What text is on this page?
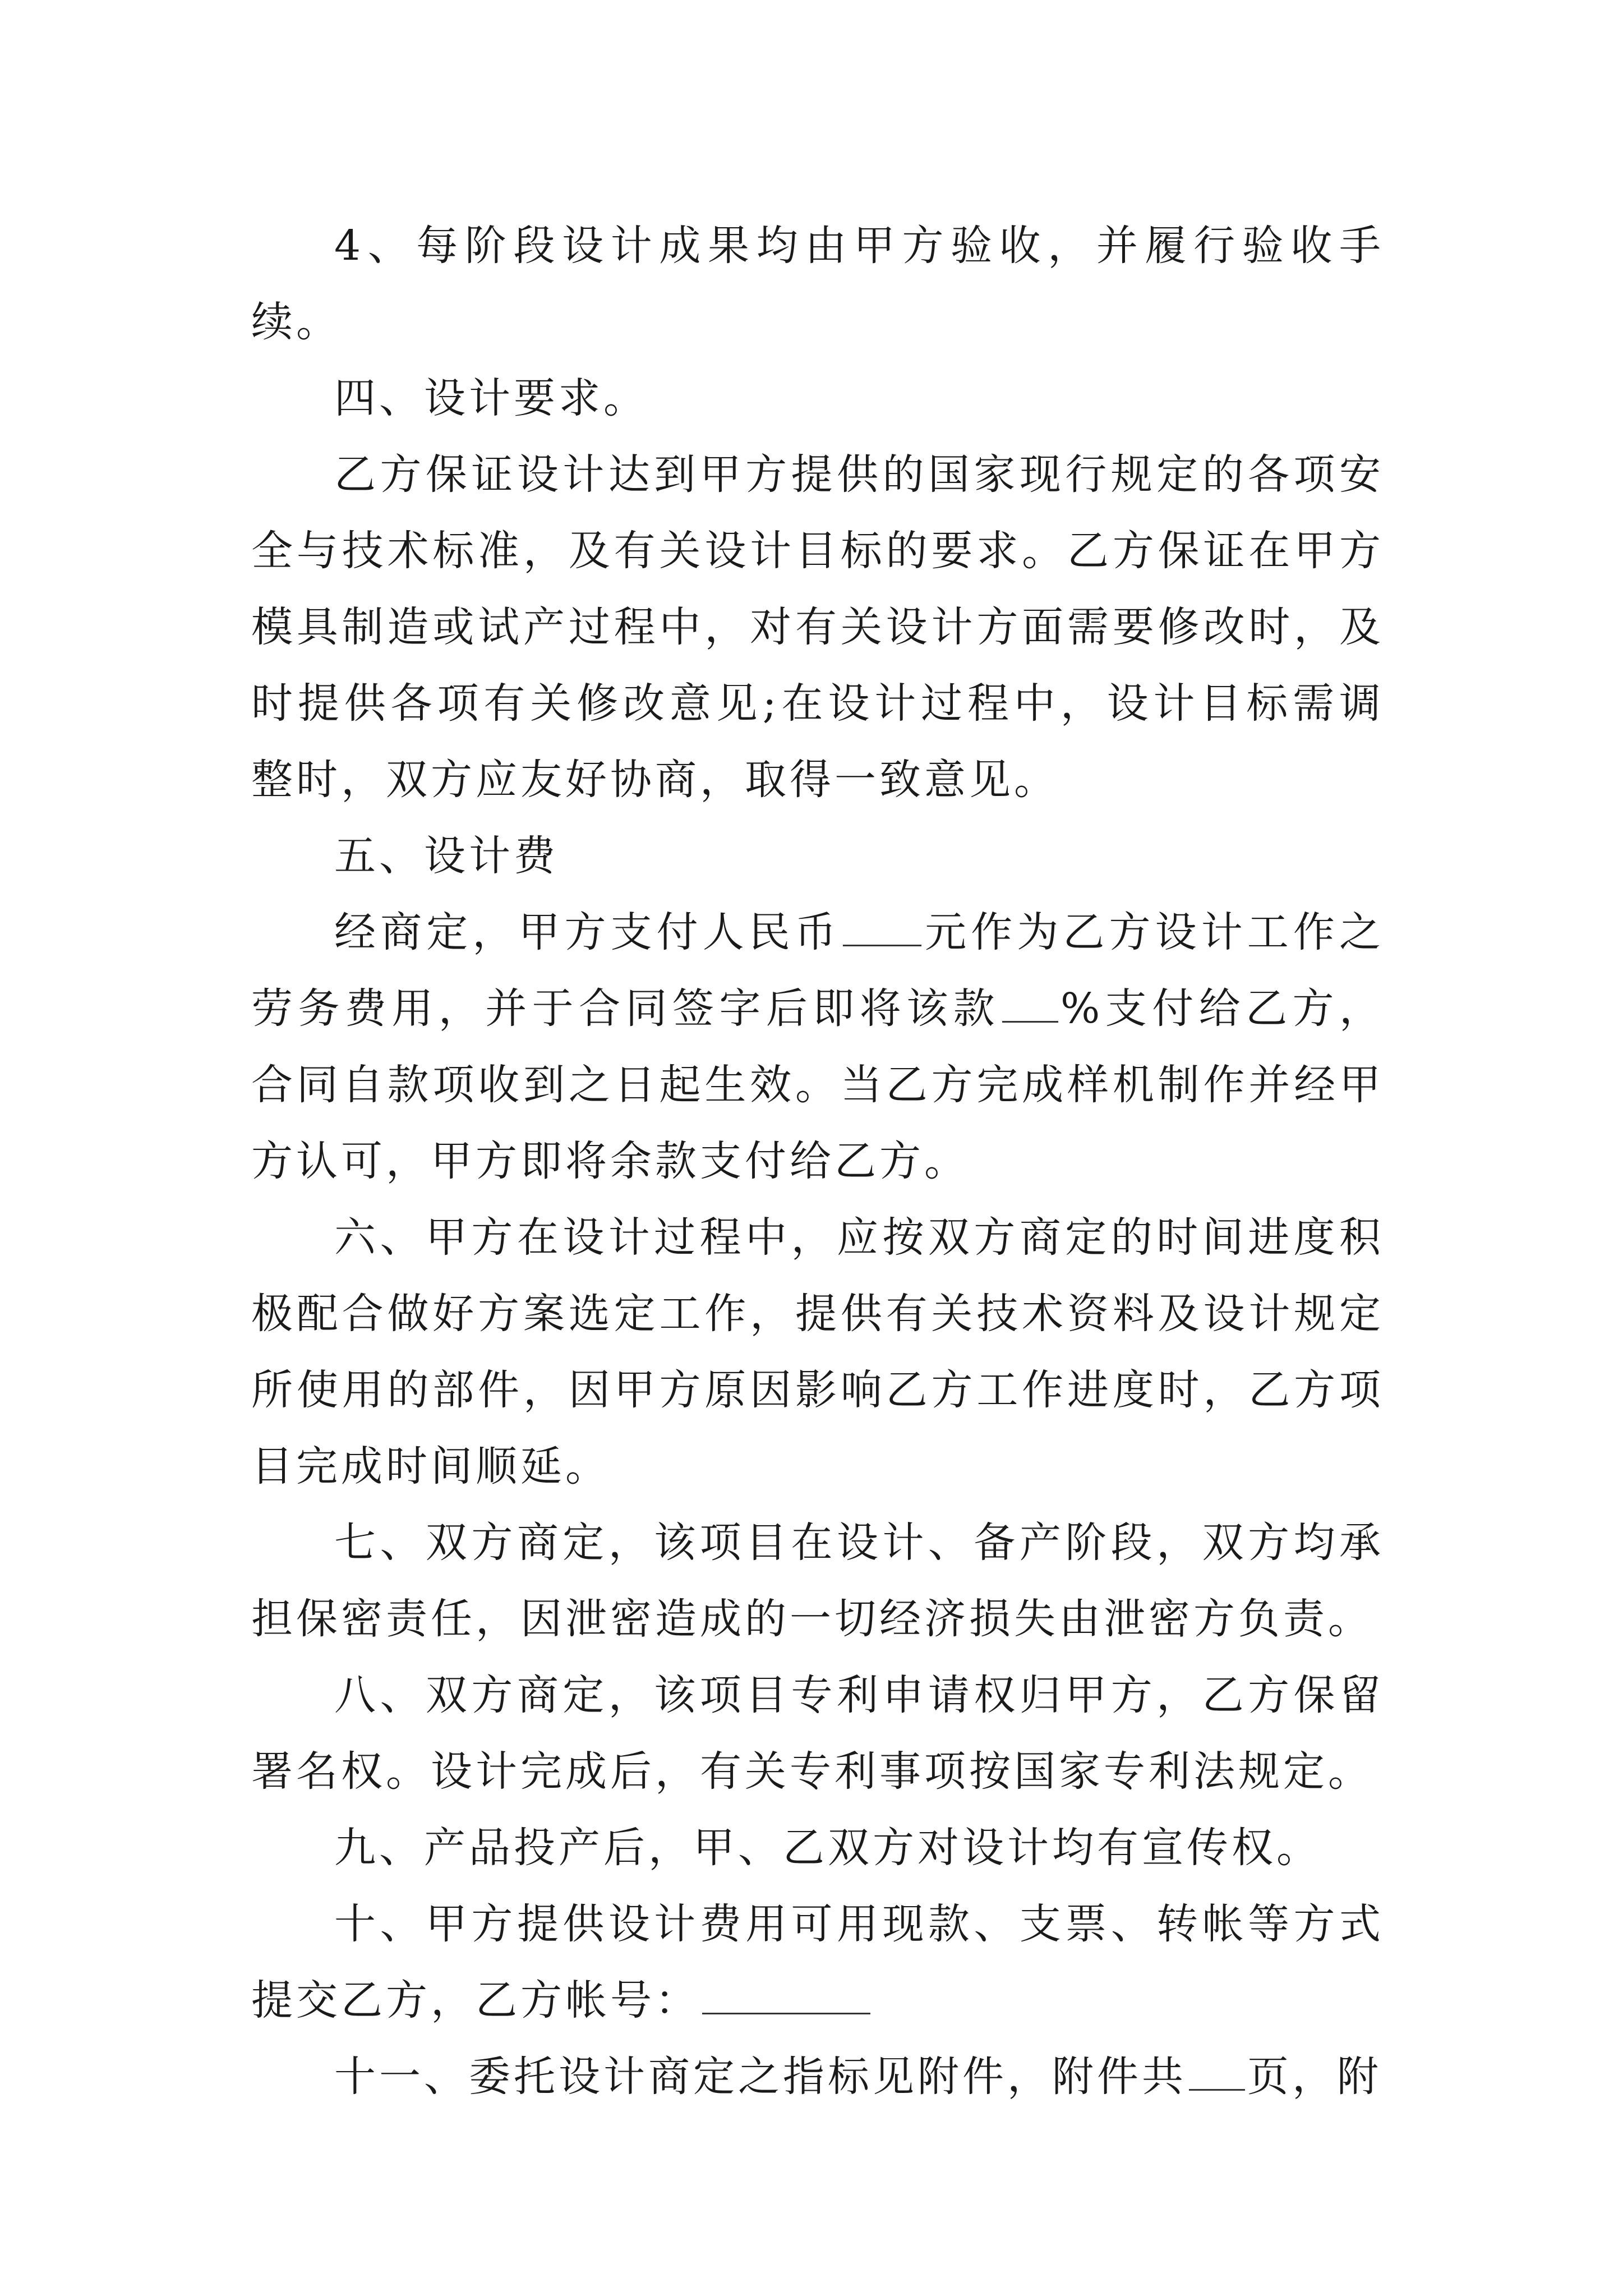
4、每阶段设计成果均由甲方验收，并履行验收手续。

四、设计要求。

乙方保证设计达到甲方提供的国家现行规定的各项安全与技术标准，及有关设计目标的要求。乙方保证在甲方模具制造或试产过程中，对有关设计方面需要修改时，及时提供各项有关修改意见;在设计过程中，设计目标需调整时，双方应友好协商，取得一致意见。

五、设计费

经商定，甲方支付人民币 元作为乙方设计工作之劳务费用，并于合同签字后即将该款 %支付给乙方，合同自款项收到之日起生效。当乙方完成样机制作并经甲方认可，甲方即将余款支付给乙方。

六、甲方在设计过程中，应按双方商定的时间进度积极配合做好方案选定工作，提供有关技术资料及设计规定所使用的部件，因甲方原因影响乙方工作进度时，乙方项目完成时间顺延。

七、双方商定，该项目在设计、备产阶段，双方均承担保密责任，因泄密造成的一切经济损失由泄密方负责。

八、双方商定，该项目专利申请权归甲方，乙方保留署名权。设计完成后，有关专利事项按国家专利法规定。

九、产品投产后，甲、乙双方对设计均有宣传权。

十、甲方提供设计费用可用现款、支票、转帐等方式提交乙方，乙方帐号：

十一、委托设计商定之指标见附件，附件共 页，附
